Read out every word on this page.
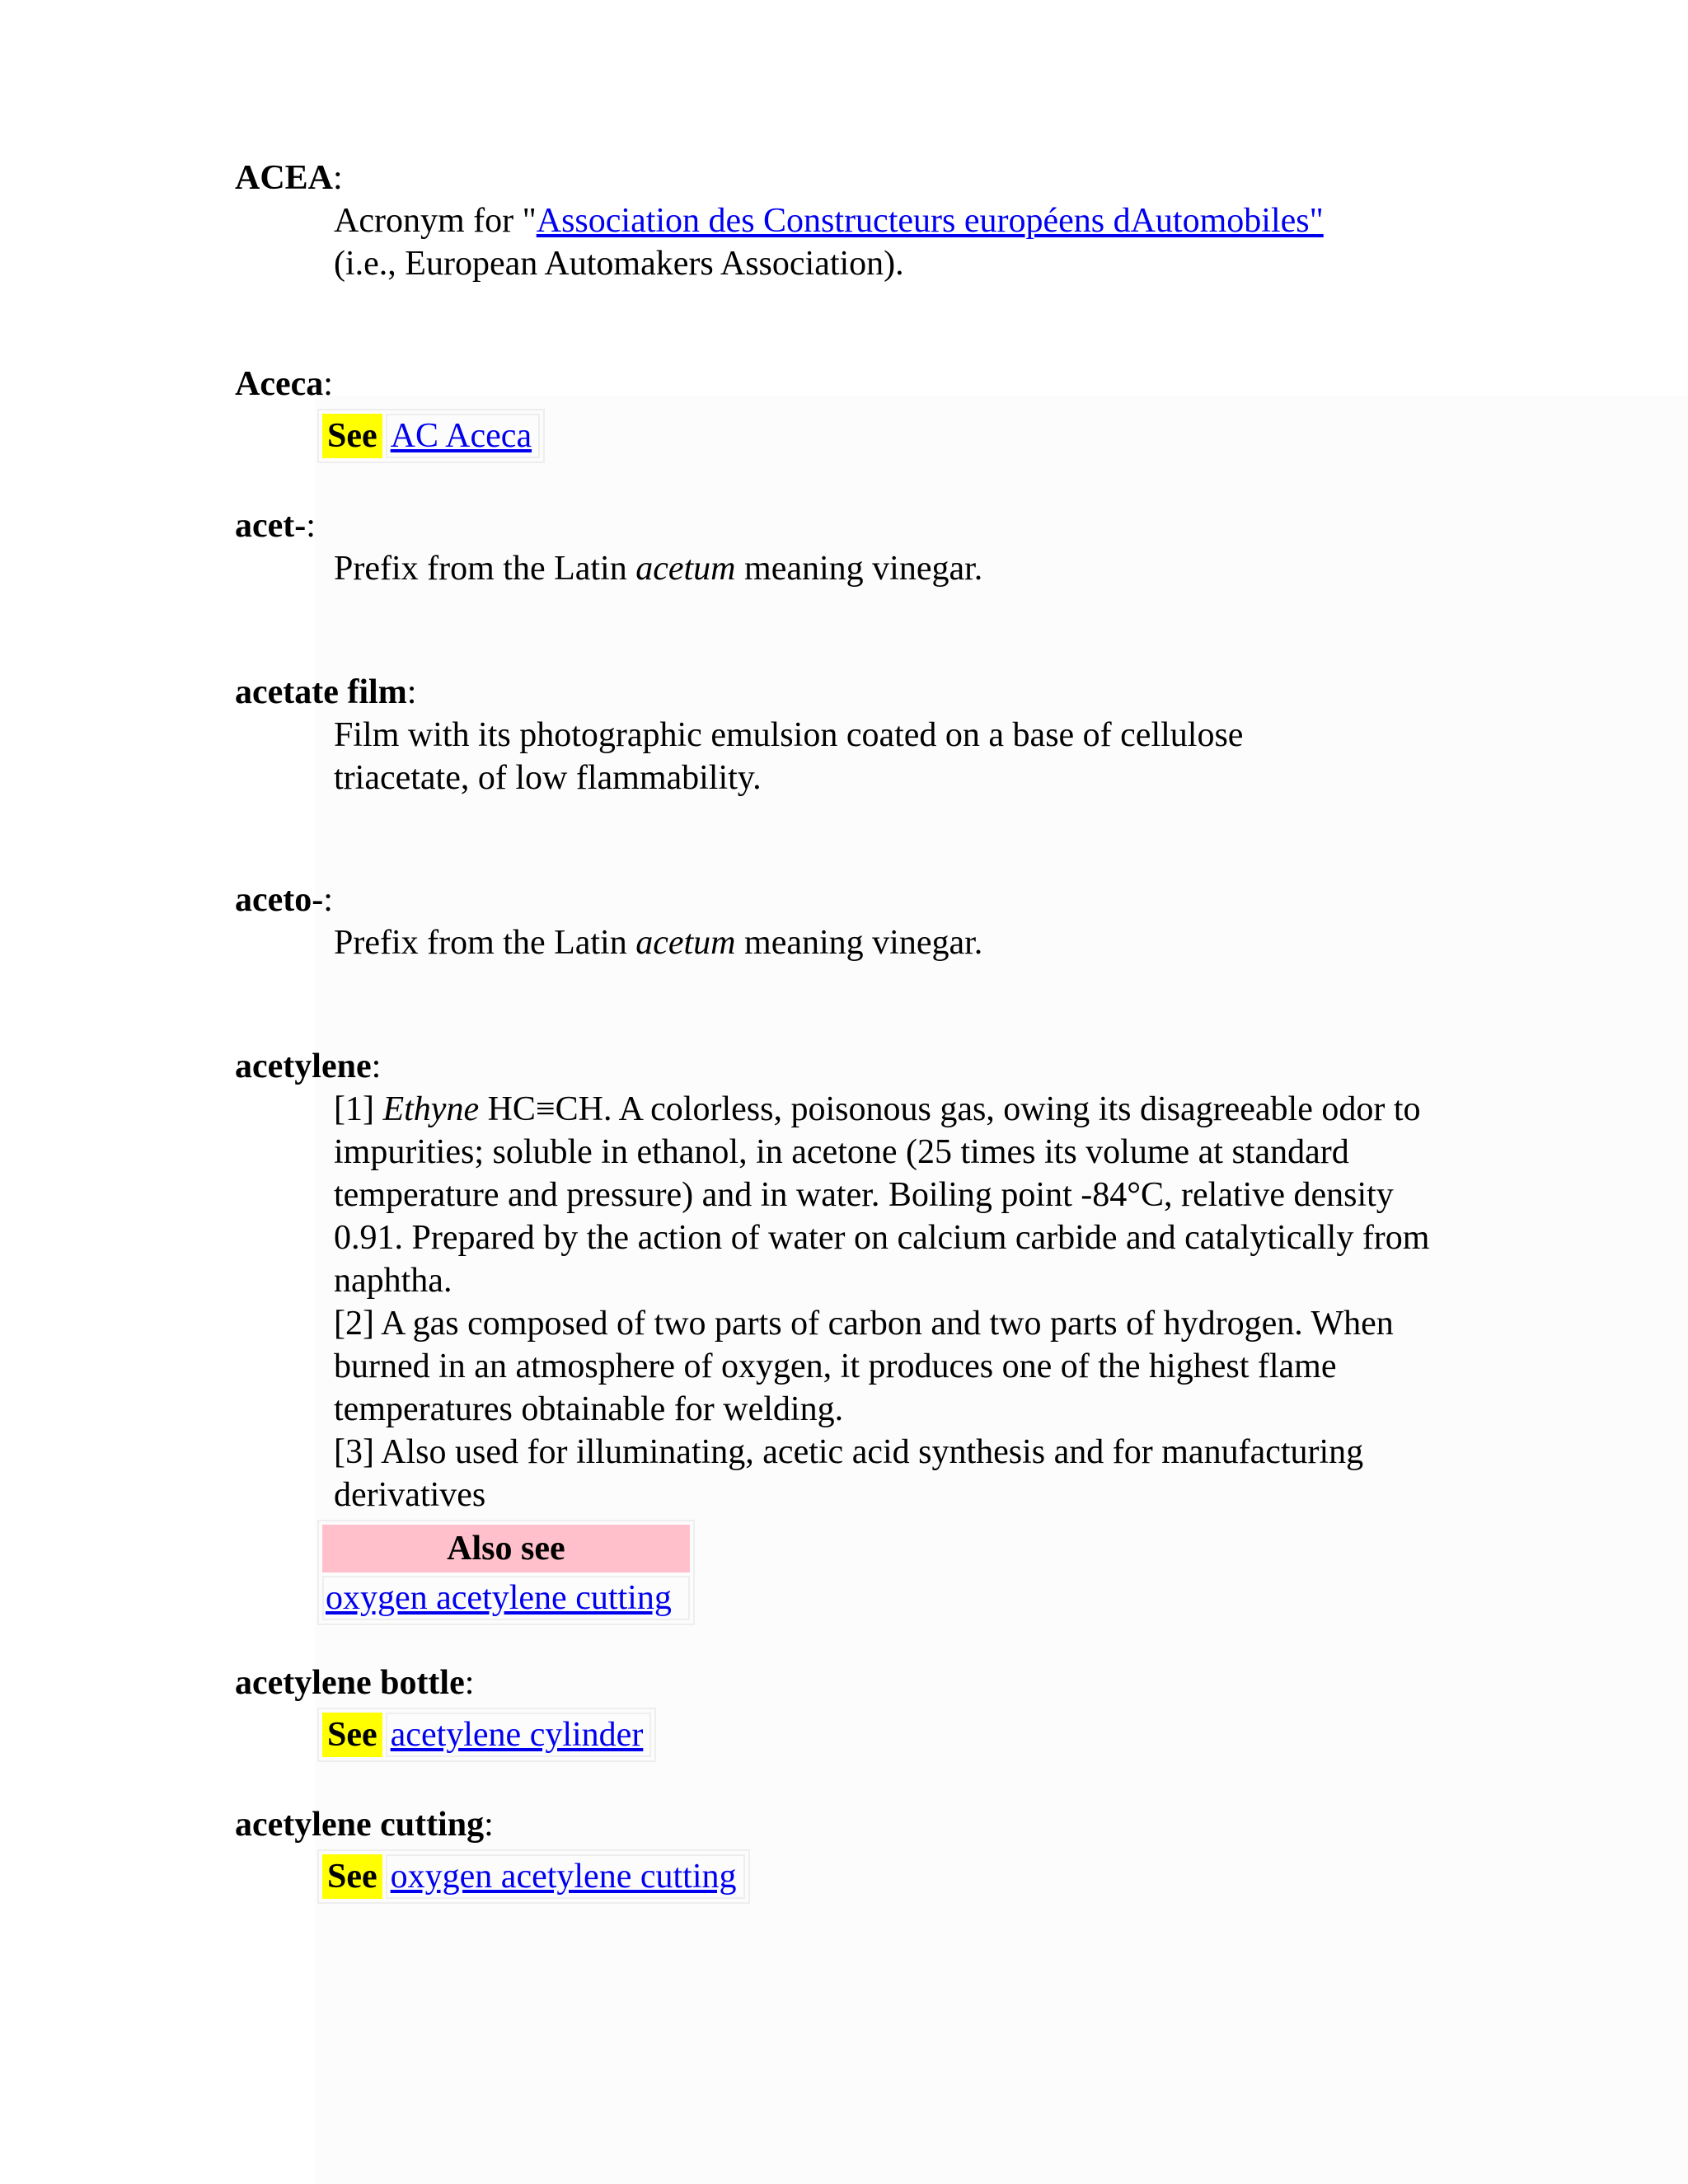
ACEA:
Acronym for "Association des Constructeurs européens dAutomobiles"
(i.e., European Automakers Association).
Aceca:
See	AC Aceca
acet-:
Prefix from the Latin acetum meaning vinegar.
acetate film:
Film with its photographic emulsion coated on a base of cellulose triacetate, of low flammability.
aceto-:
Prefix from the Latin acetum meaning vinegar.
acetylene:
[1] Ethyne HC≡CH. A colorless, poisonous gas, owing its disagreeable odor to impurities; soluble in ethanol, in acetone (25 times its volume at standard temperature and pressure) and in water. Boiling point -84°C, relative density 0.91. Prepared by the action of water on calcium carbide and catalytically from naphtha.
[2] A gas composed of two parts of carbon and two parts of hydrogen. When burned in an atmosphere of oxygen, it produces one of the highest flame temperatures obtainable for welding.
[3] Also used for illuminating, acetic acid synthesis and for manufacturing derivatives
Also see
oxygen acetylene cutting
acetylene bottle:
See	acetylene cylinder
acetylene cutting:
See	oxygen acetylene cutting
